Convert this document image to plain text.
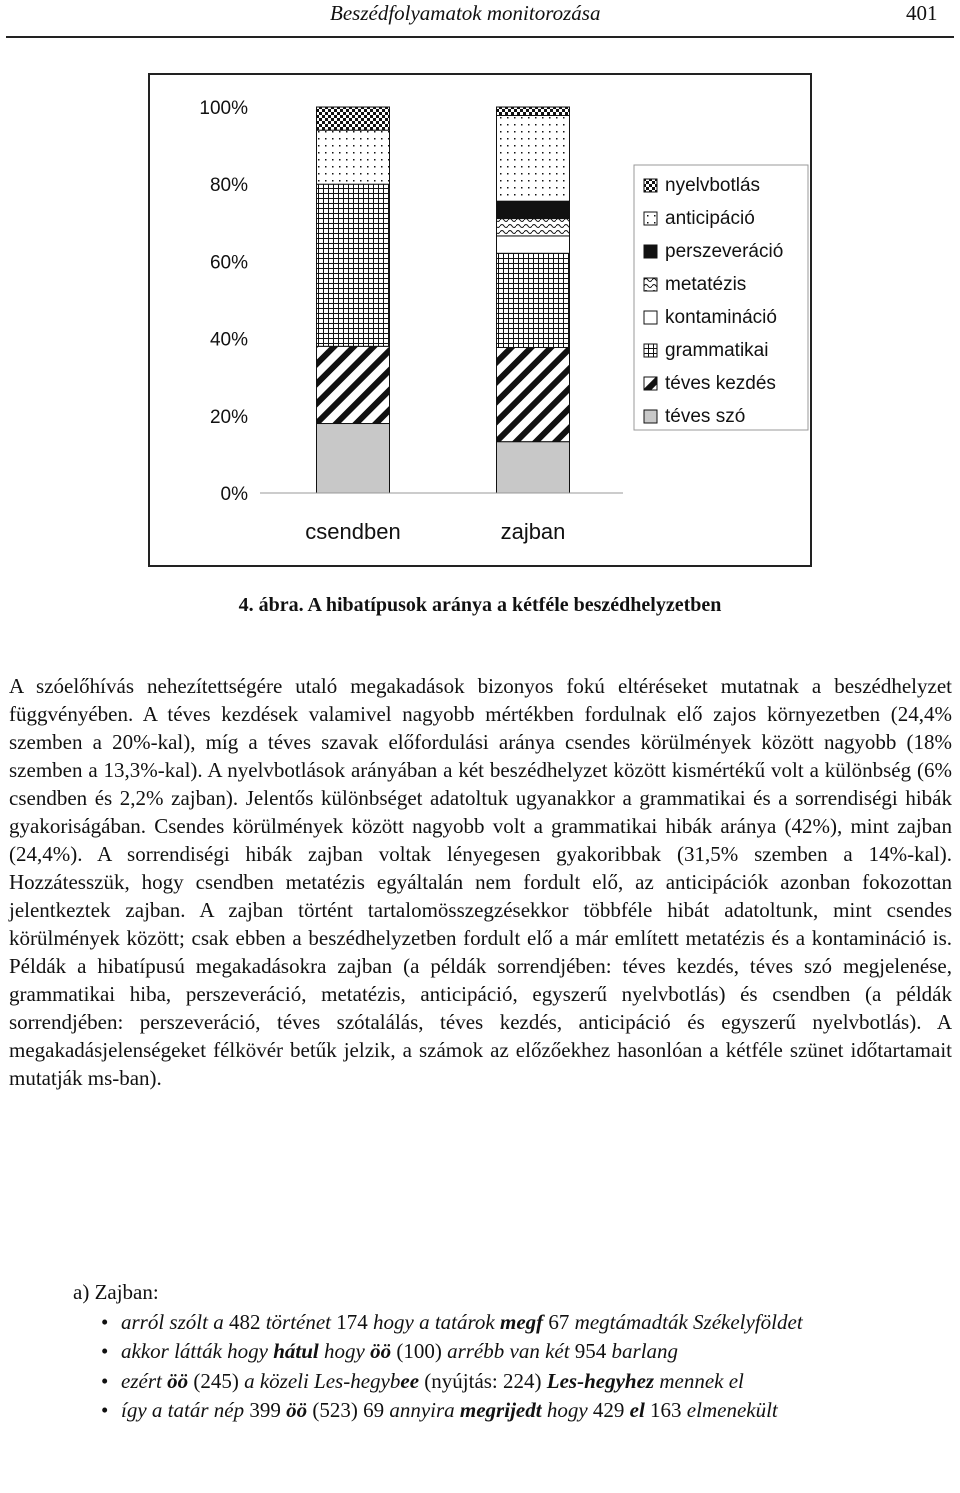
Beszédfolyamatok monitorozása	401
0%
20%
40%
60%
80%
100%
csendben	zajban
nyelvbotlás
anticipáció
perszeveráció
metatézis
kontamináció
grammatikai
téves kezdés
téves szó
4. ábra. A hibatípusok aránya a kétféle beszédhelyzetben

A szóelőhívás nehezítettségére utaló megakadások bizonyos fokú eltéréseket mutatnak a beszédhelyzet függvényében. A téves kezdések valamivel nagyobb mértékben fordulnak elő zajos környezetben (24,4% szemben a 20%-kal), míg a téves szavak előfordulási aránya csendes körülmények között nagyobb (18% szemben a 13,3%-kal). A nyelvbotlások arányában a két beszédhelyzet között kismértékű volt a különbség (6% csendben és 2,2% zajban). Jelentős különbséget adatoltuk ugyanakkor a grammatikai és a sorrendiségi hibák gyakoriságában. Csendes körülmények között nagyobb volt a grammatikai hibák aránya (42%), mint zajban (24,4%). A sorrendiségi hibák zajban voltak lényegesen gyakoribbak (31,5% szemben a 14%-kal). Hozzátesszük, hogy csendben metatézis egyáltalán nem fordult elő, az anticipációk azonban fokozottan jelentkeztek zajban. A zajban történt tartalomösszegzésekkor többféle hibát adatoltunk, mint csendes körülmények között; csak ebben a beszédhelyzetben fordult elő a már említett metatézis és a kontamináció is. Példák a hibatípusú megakadásokra zajban (a példák sorrendjében: téves kezdés, téves szó megjelenése, grammatikai hiba, perszeveráció, metatézis, anticipáció, egyszerű nyelvbotlás) és csendben (a példák sorrendjében: perszeveráció, téves szótalálás, téves kezdés, anticipáció és egyszerű nyelvbotlás). A megakadásjelenségeket félkövér betűk jelzik, a számok az előzőekhez hasonlóan a kétféle szünet időtartamait mutatják ms-ban).

a) Zajban:

• arról szólt a 482 történet 174 hogy a tatárok megf 67 megtámadták Székelyföldet
• akkor látták hogy hátul hogy öö (100) arrébb van két 954 barlang
• ezért öö (245) a közeli Les-hegybee (nyújtás: 224) Les-hegyhez mennek el
• így a tatár nép 399 öö (523) 69 annyira megrijedt hogy 429 el 163 elmenekült
